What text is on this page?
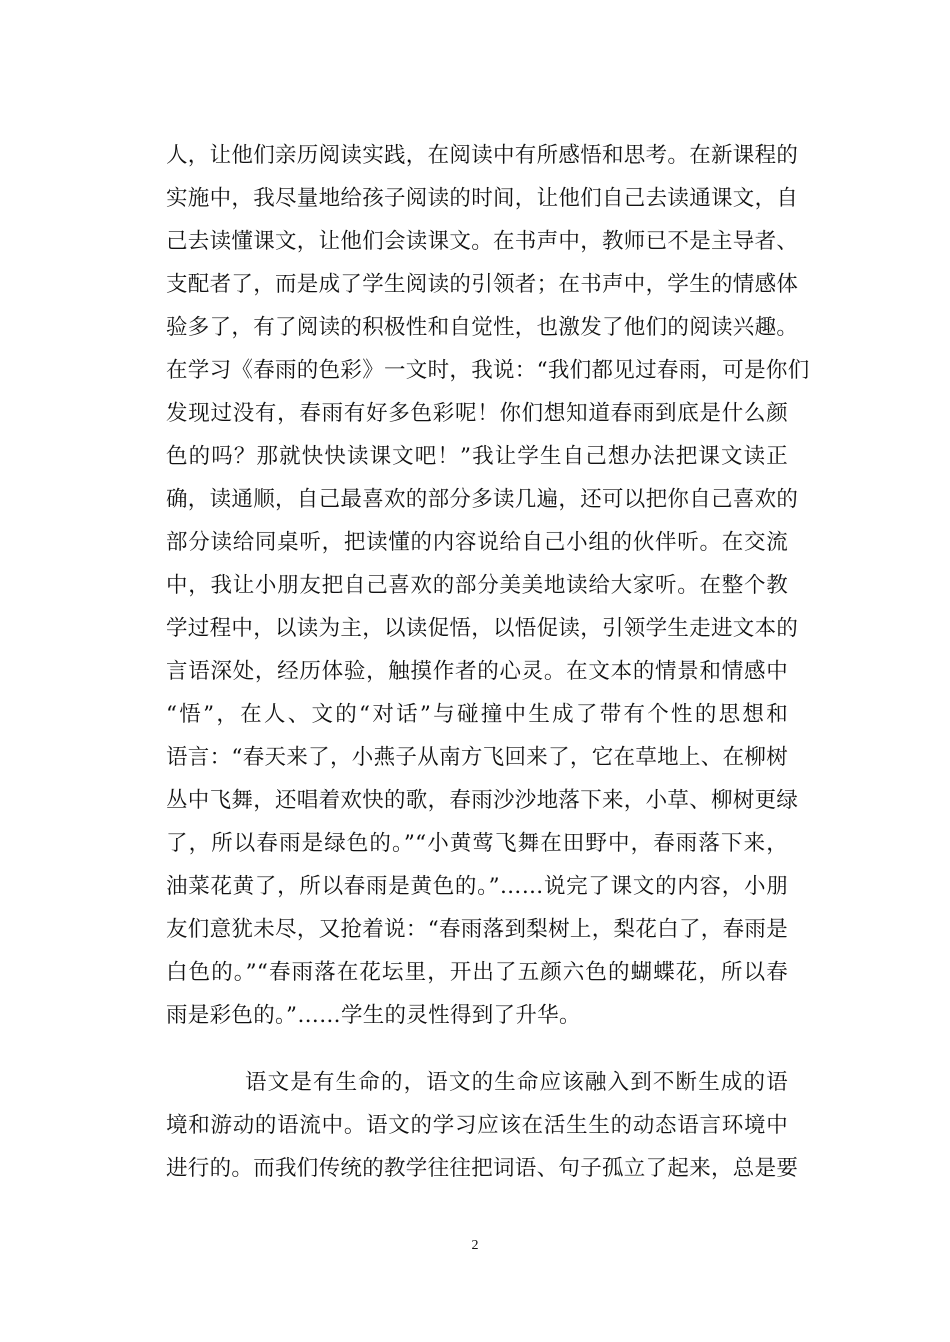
人，让他们亲历阅读实践，在阅读中有所感悟和思考。在新课程的
实施中，我尽量地给孩子阅读的时间，让他们自己去读通课文，自
己去读懂课文，让他们会读课文。在书声中，教师已不是主导者、
支配者了，而是成了学生阅读的引领者；在书声中，学生的情感体
验多了，有了阅读的积极性和自觉性，也激发了他们的阅读兴趣。
在学习《春雨的色彩》一文时，我说：“我们都见过春雨，可是你们
发现过没有，春雨有好多色彩呢！你们想知道春雨到底是什么颜
色的吗？那就快快读课文吧！”我让学生自己想办法把课文读正
确，读通顺，自己最喜欢的部分多读几遍，还可以把你自己喜欢的
部分读给同桌听，把读懂的内容说给自己小组的伙伴听。在交流
中，我让小朋友把自己喜欢的部分美美地读给大家听。在整个教
学过程中，以读为主，以读促悟，以悟促读，引领学生走进文本的
言语深处，经历体验，触摸作者的心灵。在文本的情景和情感中
“悟”，在人、文的“对话”与碰撞中生成了带有个性的思想和
语言：“春天来了，小燕子从南方飞回来了，它在草地上、在柳树
丛中飞舞，还唱着欢快的歌，春雨沙沙地落下来，小草、柳树更绿
了，所以春雨是绿色的。”“小黄莺飞舞在田野中，春雨落下来，
油菜花黄了，所以春雨是黄色的。”……说完了课文的内容，小朋
友们意犹未尽，又抢着说：“春雨落到梨树上，梨花白了，春雨是
白色的。”“春雨落在花坛里，开出了五颜六色的蝴蝶花，所以春
雨是彩色的。”……学生的灵性得到了升华。
语文是有生命的，语文的生命应该融入到不断生成的语
境和游动的语流中。语文的学习应该在活生生的动态语言环境中
进行的。而我们传统的教学往往把词语、句子孤立了起来，总是要
2
